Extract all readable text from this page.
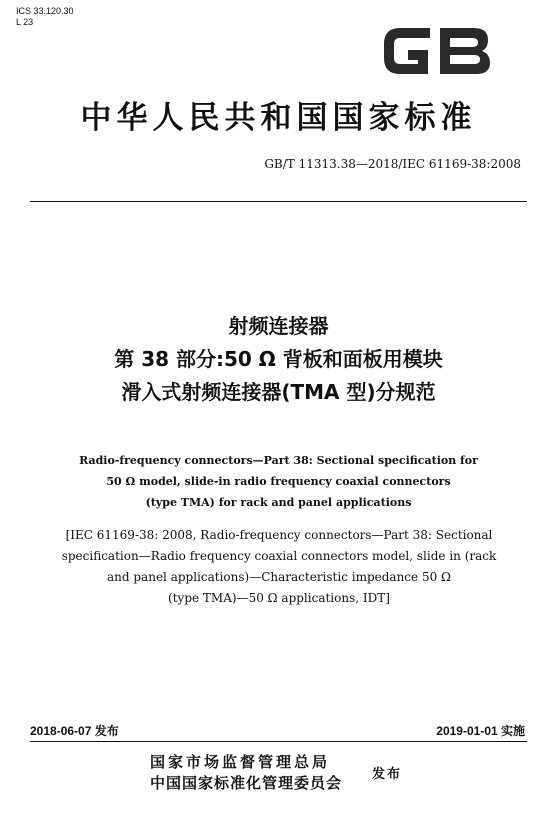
ICS 33.120.30
L 23
中华人民共和国国家标准
GB/T 11313.38—2018/IEC 61169-38:2008
射频连接器
第 38 部分:50 Ω 背板和面板用模块
滑入式射频连接器(TMA 型)分规范
Radio-frequency connectors—Part 38: Sectional specification for
50 Ω model, slide-in radio frequency coaxial connectors
(type TMA) for rack and panel applications
[IEC 61169-38: 2008, Radio-frequency connectors—Part 38: Sectional
specification—Radio frequency coaxial connectors model, slide in (rack
and panel applications)—Characteristic impedance 50 Ω
(type TMA)—50 Ω applications, IDT]
2018-06-07 发布	2019-01-01 实施
国家市场监督管理总局
中国国家标准化管理委员会 发布
